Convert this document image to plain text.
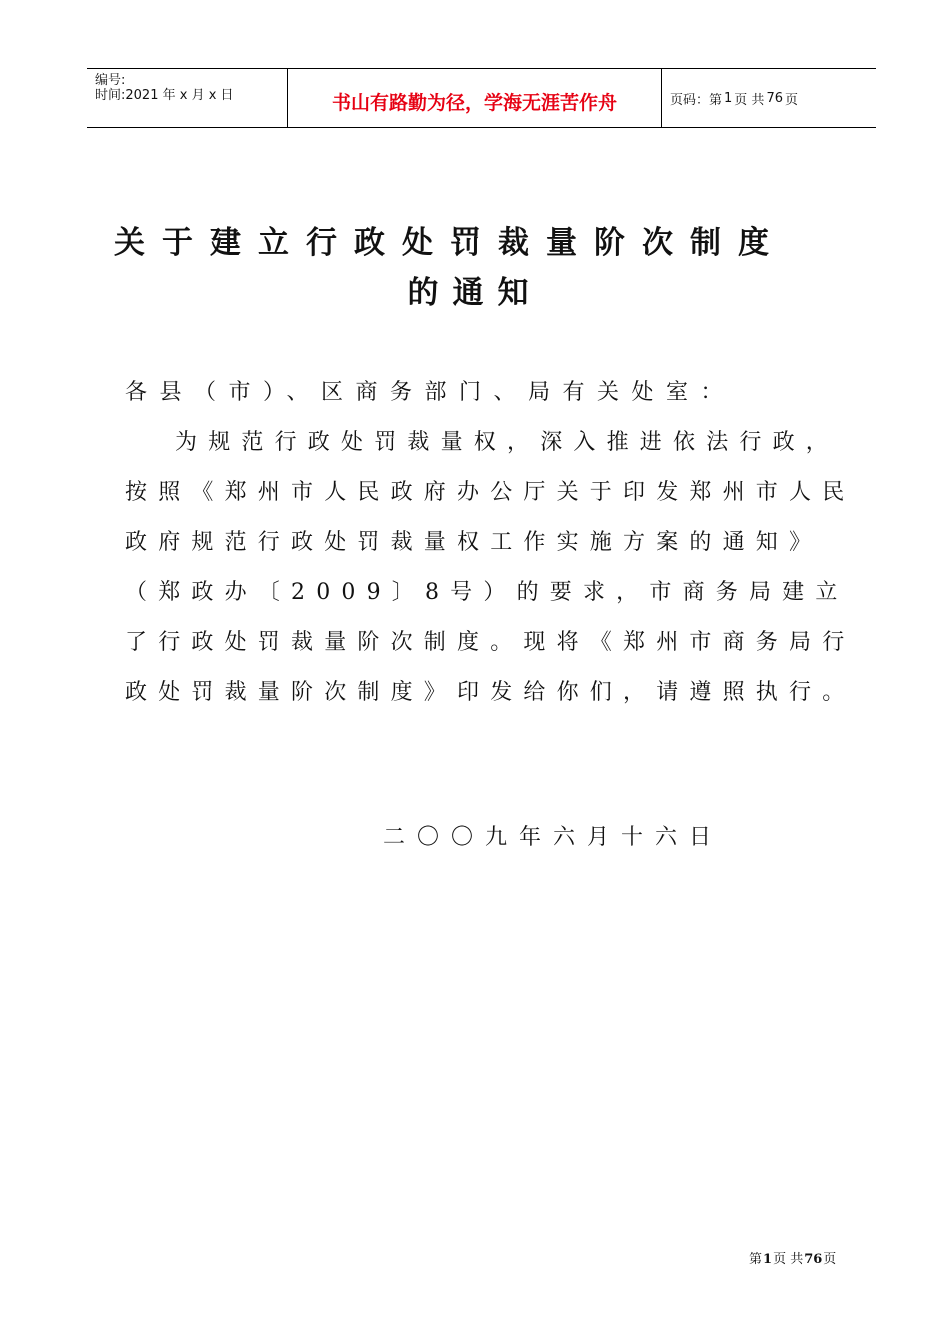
编号:
时间:2021 年 x 月 x 日	书山有路勤为径，学海无涯苦作舟	页码：第 1 页 共 76 页
关于建立行政处罚裁量阶次制度
的通知
各县（市）、区商务部门、局有关处室：
为规范行政处罚裁量权，深入推进依法行政，按照《郑州市人民政府办公厅关于印发郑州市人民政府规范行政处罚裁量权工作实施方案的通知》（郑政办〔2009〕8号）的要求，市商务局建立了行政处罚裁量阶次制度。现将《郑州市商务局行政处罚裁量阶次制度》印发给你们，请遵照执行。
二〇〇九年六月十六日
第1页 共76页
